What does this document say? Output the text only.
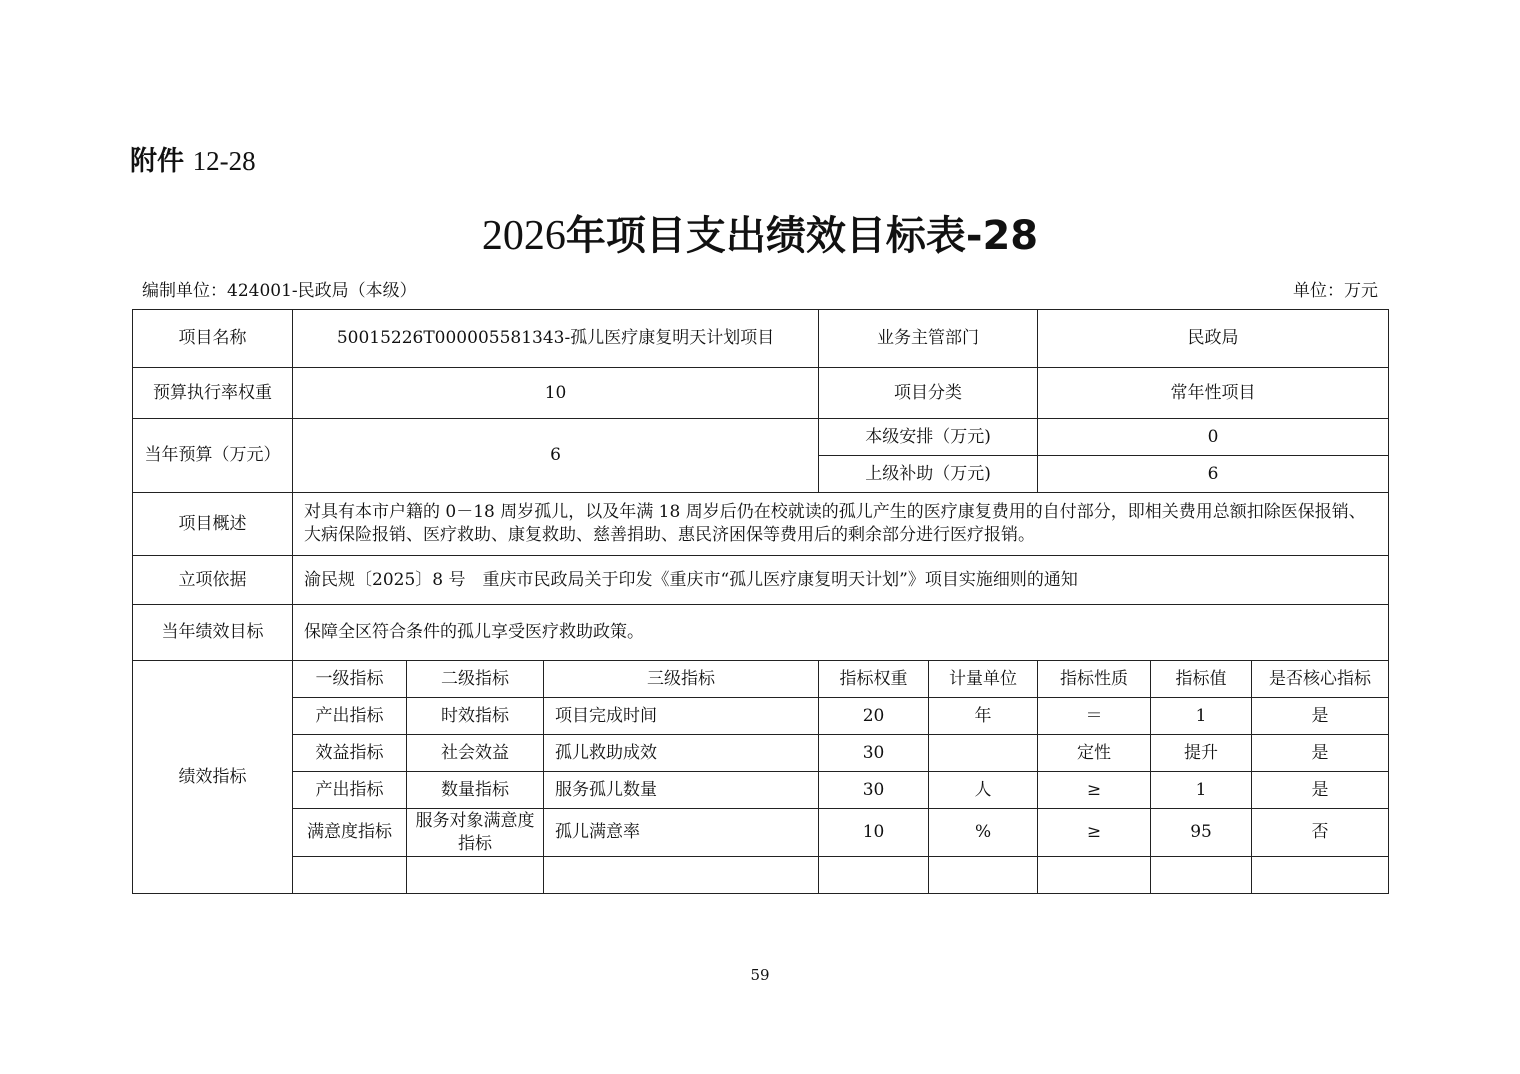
附件 12-28
2026年项目支出绩效目标表-28
编制单位：424001-民政局（本级）	单位：万元
项目名称	50015226T000005581343-孤儿医疗康复明天计划项目			业务主管部门		民政局		
预算执行率权重	10			项目分类		常年性项目		
当年预算（万元）	6			本级安排（万元)		0		
				上级补助（万元)		6		
项目概述	对具有本市户籍的 0－18 周岁孤儿，以及年满 18 周岁后仍在校就读的孤儿产生的医疗康复费用的自付部分，即相关费用总额扣除医保报销、大病保险报销、医疗救助、康复救助、慈善捐助、惠民济困保等费用后的剩余部分进行医疗报销。							
立项依据	渝民规〔2025〕8 号　重庆市民政局关于印发《重庆市“孤儿医疗康复明天计划”》项目实施细则的通知							
当年绩效目标	保障全区符合条件的孤儿享受医疗救助政策。							
绩效指标	一级指标	二级指标	三级指标	指标权重	计量单位	指标性质	指标值	是否核心指标
	产出指标	时效指标	项目完成时间	20	年	＝	1	是
	效益指标	社会效益	孤儿救助成效	30		定性	提升	是
	产出指标	数量指标	服务孤儿数量	30	人	≥	1	是
	满意度指标	服务对象满意度指标	孤儿满意率	10	%	≥	95	否

59
